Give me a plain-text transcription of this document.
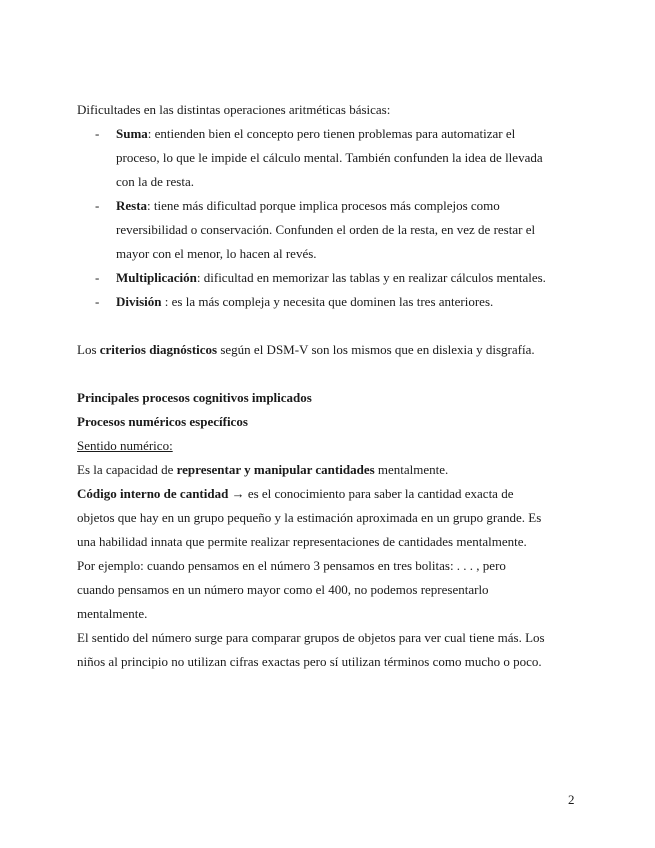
Dificultades en las distintas operaciones aritméticas básicas:
- Suma: entienden bien el concepto pero tienen problemas para automatizar el
proceso, lo que le impide el cálculo mental. También confunden la idea de llevada
con la de resta.
- Resta: tiene más dificultad porque implica procesos más complejos como
reversibilidad o conservación. Confunden el orden de la resta, en vez de restar el
mayor con el menor, lo hacen al revés.
- Multiplicación: dificultad en memorizar las tablas y en realizar cálculos mentales.
- División : es la más compleja y necesita que dominen las tres anteriores.
Los criterios diagnósticos según el DSM-V son los mismos que en dislexia y disgrafía.
Principales procesos cognitivos implicados
Procesos numéricos específicos
Sentido numérico:
Es la capacidad de representar y manipular cantidades mentalmente.
Código interno de cantidad → es el conocimiento para saber la cantidad exacta de
objetos que hay en un grupo pequeño y la estimación aproximada en un grupo grande. Es
una habilidad innata que permite realizar representaciones de cantidades mentalmente.
Por ejemplo: cuando pensamos en el número 3 pensamos en tres bolitas: . . . , pero
cuando pensamos en un número mayor como el 400, no podemos representarlo
mentalmente.
El sentido del número surge para comparar grupos de objetos para ver cual tiene más. Los
niños al principio no utilizan cifras exactas pero sí utilizan términos como mucho o poco.
2
